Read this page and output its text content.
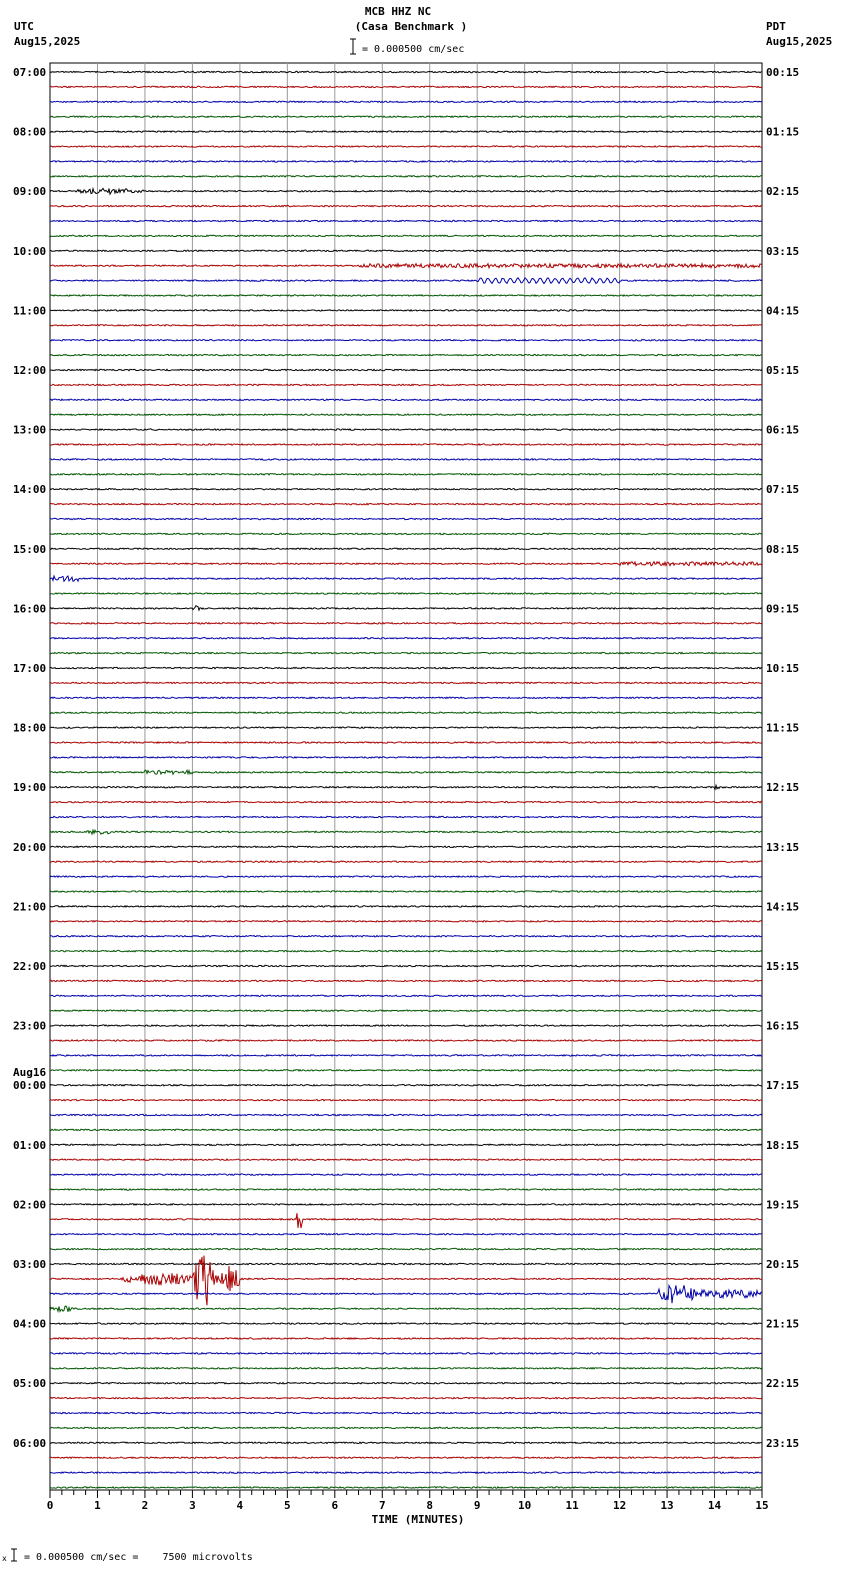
MCB HHZ NC
(Casa Benchmark )
= 0.000500 cm/sec
UTC
Aug15,2025
PDT
Aug15,2025
07:00
08:00
09:00
10:00
11:00
12:00
13:00
14:00
15:00
16:00
17:00
18:00
19:00
20:00
21:00
22:00
23:00
00:00
01:00
02:00
03:00
04:00
05:00
06:00
00:15
01:15
02:15
03:15
04:15
05:15
06:15
07:15
08:15
09:15
10:15
11:15
12:15
13:15
14:15
15:15
16:15
17:15
18:15
19:15
20:15
21:15
22:15
23:15
Aug16
0	1	2	3	4	5	6	7	8	9	10	11	12	13	14	15
TIME (MINUTES)
x = 0.000500 cm/sec =    7500 microvolts
